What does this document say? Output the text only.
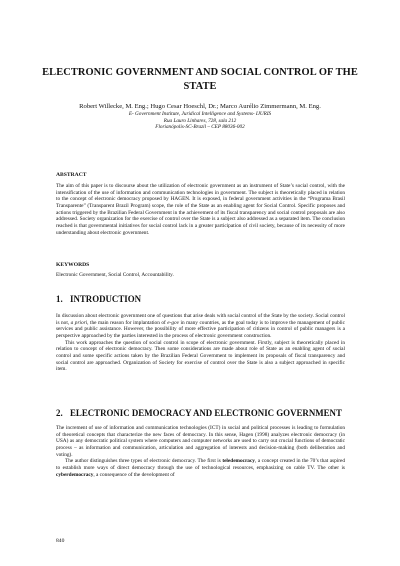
ELECTRONIC GOVERNMENT AND SOCIAL CONTROL OF THE STATE
Robert Willecke, M. Eng.; Hugo Cesar Hoeschl, Dr.; Marco Aurélio Zimmermann, M. Eng.
E- Government Institute, Juridical Intelligence and Systems- IJURIS
Rua Lauro Linhares, 728, sala 212
Florianópolis-SC-Brazil – CEP 88036-002
ABSTRACT

The aim of this paper is to discourse about the utilization of electronic government as an instrument of State’s social control, with the intensification of the use of information and communication technologies in government. The subject is theoretically placed in relation to the concept of electronic democracy proposed by HAGEN. It is exposed, in federal government activities in the “Programa Brasil Transparente” (Transparent Brazil Program) scope, the role of the State as an enabling agent for Social Control. Specific proposes and actions triggered by the Brazilian Federal Government in the achievement of its fiscal transparency and social control proposals are also addressed. Society organization for the exercise of control over the State is a subject also addressed as a separated item. The conclusion reached is that governmental initiatives for social control lack in a greater participation of civil society, because of its necessity of more understanding about electronic government.

KEYWORDS

Electronic Government, Social Control, Accountability.

1. INTRODUCTION

In discussion about electronic government one of questions that arise deals with social control of the State by the society. Social control is not, a priori, the main reason for implantation of e-gov in many countries, as the goal today is to improve the management of public services and public assistance. However, the possibility of more effective participation of citizens in control of public managers is a perspective approached by the parties interested in the process of electronic government construction.

This work approaches the question of social control in scope of electronic government. Firstly, subject is theoretically placed in relation to concept of electronic democracy. Then some considerations are made about role of State as an enabling agent of social control and some specific actions taken by the Brazilian Federal Government to implement its proposals of fiscal transparency and social control are approached. Organization of Society for exercise of control over the State is also a subject approached in specific item.

2. ELECTRONIC DEMOCRACY AND ELECTRONIC GOVERNMENT

The increment of use of information and communication technologies (ICT) in social and political processes is leading to formulation of theoretical concepts that characterize the new faces of democracy. In this sense, Hagen (1998) analyzes electronic democracy (in USA) as any democratic political system where computers and computer networks are used to carry out crucial functions of democratic process – as information and communication, articulation and aggregation of interests and decision-making (both deliberation and voting).

The author distinguishes three types of electronic democracy. The first is teledemocracy, a concept created in the 70’s that aspired to establish more ways of direct democracy through the use of technological resources, emphasizing on cable TV. The other is cyberdemocracy, a consequence of the development of

840
